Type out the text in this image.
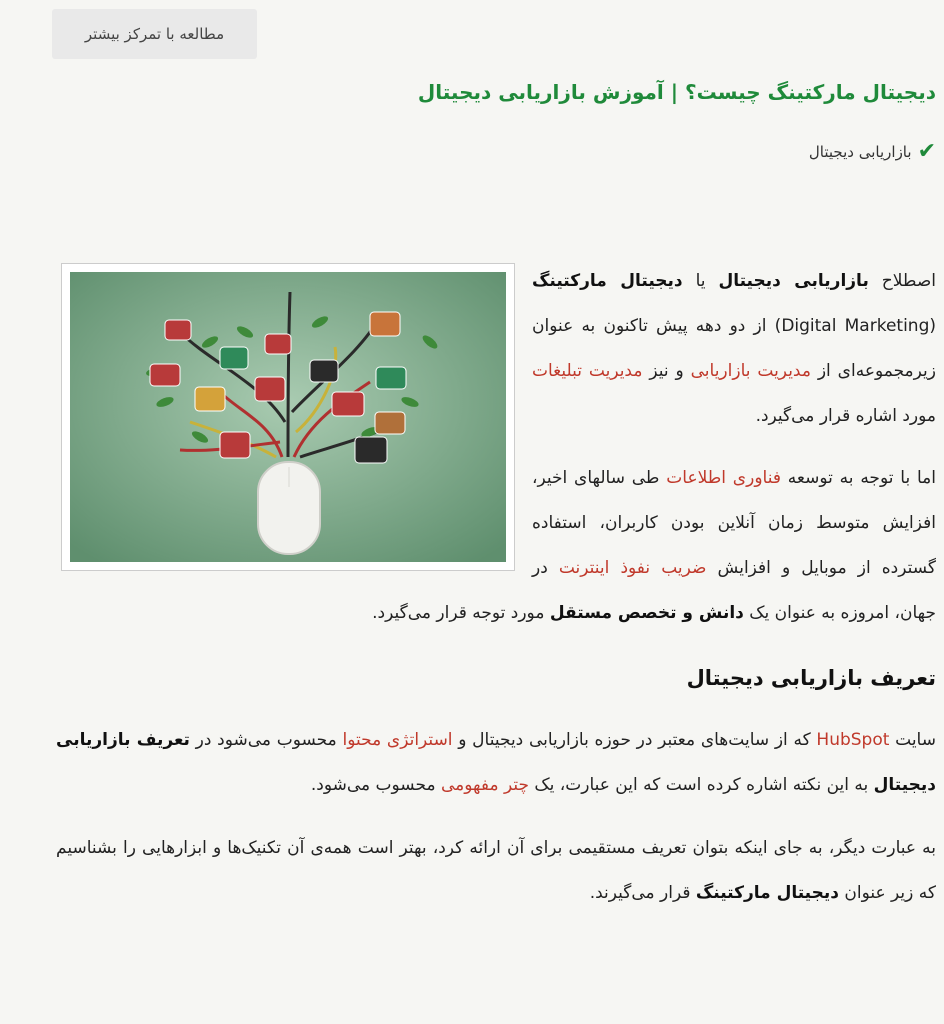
مطالعه با تمرکز بیشتر
دیجیتال مارکتینگ چیست؟ | آموزش بازاریابی دیجیتال
✔
بازاریابی دیجیتال

اصطلاح بازاریابی دیجیتال یا دیجیتال مارکتینگ (Digital Marketing) از دو دهه پیش تاکنون به عنوان زیرمجموعه‌ای از مدیریت بازاریابی و نیز مدیریت تبلیغات مورد اشاره قرار می‌گیرد.

اما با توجه به توسعه فناوری اطلاعات طی سالهای اخیر، افزایش متوسط زمان آنلاین بودن کاربران، استفاده گسترده از موبایل و افزایش ضریب نفوذ اینترنت در جهان، امروزه به عنوان یک دانش و تخصص مستقل مورد توجه قرار می‌گیرد.

تعریف بازاریابی دیجیتال

سایت HubSpot که از سایت‌های معتبر در حوزه بازاریابی دیجیتال و استراتژی محتوا محسوب می‌شود در تعریف بازاریابی دیجیتال به این نکته اشاره کرده است که این عبارت، یک چتر مفهومی محسوب می‌شود.

به عبارت دیگر، به جای اینکه بتوان تعریف مستقیمی برای آن ارائه کرد، بهتر است همه‌ی آن تکنیک‌ها و ابزارهایی را بشناسیم که زیر عنوان دیجیتال مارکتینگ قرار می‌گیرند.
